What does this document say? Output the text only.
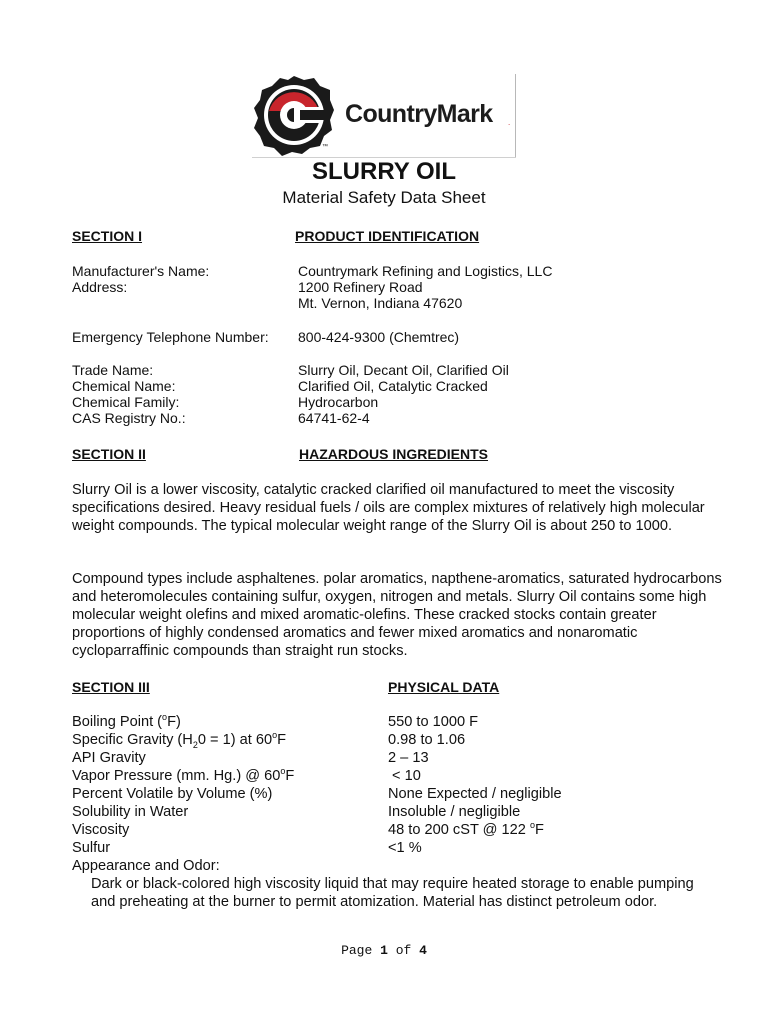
™
CountryMark .
SLURRY OIL
Material Safety Data Sheet
SECTION I	PRODUCT IDENTIFICATION
Manufacturer's Name:	Countrymark Refining and Logistics, LLC
Address:	1200 Refinery Road
Mt. Vernon, Indiana 47620
Emergency Telephone Number: 800-424-9300 (Chemtrec)
Trade Name:	Slurry Oil, Decant Oil, Clarified Oil
Chemical Name:	Clarified Oil, Catalytic Cracked
Chemical Family:	Hydrocarbon
CAS Registry No.:	64741-62-4
SECTION II	HAZARDOUS INGREDIENTS
Slurry Oil is a lower viscosity, catalytic cracked clarified oil manufactured to meet the viscosity specifications desired. Heavy residual fuels / oils are complex mixtures of relatively high molecular weight compounds. The typical molecular weight range of the Slurry Oil is about 250 to 1000.
Compound types include asphaltenes. polar aromatics, napthene-aromatics, saturated hydrocarbons and heteromolecules containing sulfur, oxygen, nitrogen and metals. Slurry Oil contains some high molecular weight olefins and mixed aromatic-olefins. These cracked stocks contain greater proportions of highly condensed aromatics and fewer mixed aromatics and nonaromatic cycloparraffinic compounds than straight run stocks.
SECTION III	PHYSICAL DATA
Boiling Point ($^o$F)	550 to 1000 F
Specific Gravity $(H_20 = 1)$ at 60$^o$F	0.98 to 1.06
API Gravity	2 – 13
Vapor Pressure (mm. Hg.) @ $60^oF$	< 10
Percent Volatile by Volume (%)	None Expected / negligible
Solubility in Water	Insoluble / negligible
Viscosity	48 to 200 cST @ 122 $^o$F
Sulfur	<1 %
Appearance and Odor:
Dark or black-colored high viscosity liquid that may require heated storage to enable pumping and preheating at the burner to permit atomization. Material has distinct petroleum odor.
Page 1 of 4
